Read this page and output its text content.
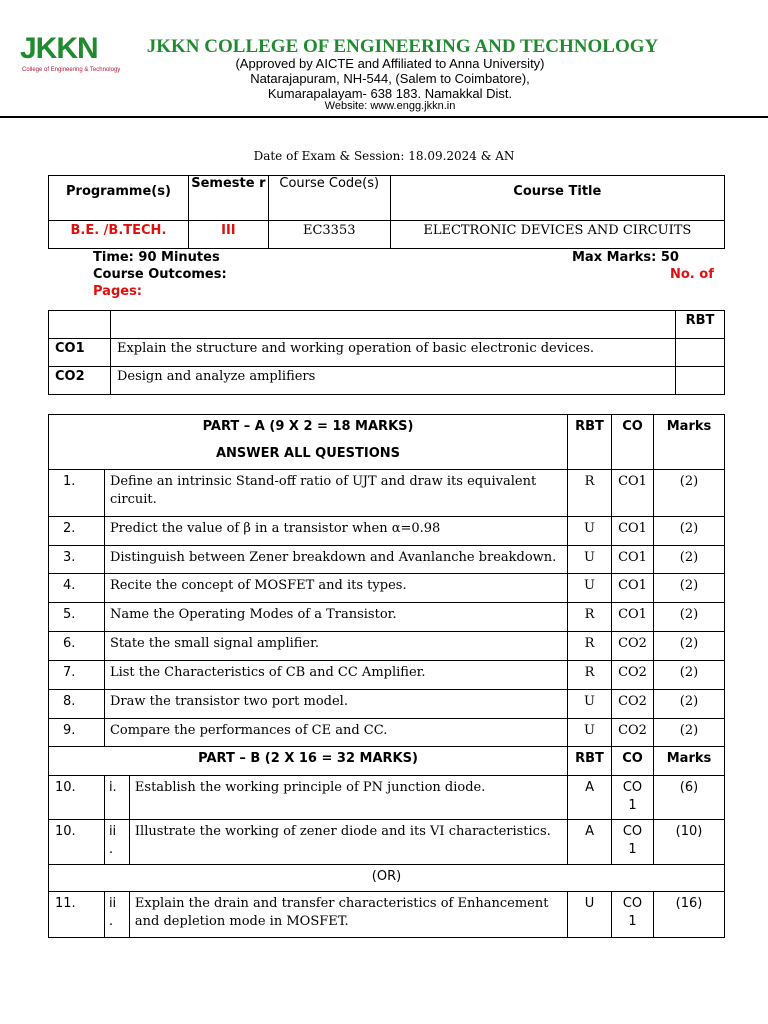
JKKN
College of Engineering & Technology
JKKN COLLEGE OF ENGINEERING AND TECHNOLOGY
(Approved by AICTE and Affiliated to Anna University)
Natarajapuram, NH-544, (Salem to Coimbatore),
Kumarapalayam- 638 183. Namakkal Dist.
Website: www.engg.jkkn.in
Date of Exam & Session: 18.09.2024 & AN
Programme(s)	Semeste r	Course Code(s)	Course Title
B.E. /B.TECH.	III	EC3353	ELECTRONIC DEVICES AND CIRCUITS
Time: 90 Minutes	Max Marks: 50
Course Outcomes:	No. of
Pages:
		RBT
CO1	Explain the structure and working operation of basic electronic devices.	
CO2	Design and analyze amplifiers	
PART – A (9 X 2 = 18 MARKS)
ANSWER ALL QUESTIONS			RBT	CO	Marks
1.	Define an intrinsic Stand-off ratio of UJT and draw its equivalent circuit.		R	CO1	(2)
2.	Predict the value of β in a transistor when α=0.98		U	CO1	(2)
3.	Distinguish between Zener breakdown and Avanlanche breakdown.		U	CO1	(2)
4.	Recite the concept of MOSFET and its types.		U	CO1	(2)
5.	Name the Operating Modes of a Transistor.		R	CO1	(2)
6.	State the small signal amplifier.		R	CO2	(2)
7.	List the Characteristics of CB and CC Amplifier.		R	CO2	(2)
8.	Draw the transistor two port model.		U	CO2	(2)
9.	Compare the performances of CE and CC.		U	CO2	(2)
PART – B (2 X 16 = 32 MARKS)			RBT	CO	Marks
10.	i.	Establish the working principle of PN junction diode.	A	CO 1	(6)
10.	ii .	Illustrate the working of zener diode and its VI characteristics.	A	CO 1	(10)
(OR)					
11.	ii .	Explain the drain and transfer characteristics of Enhancement and depletion mode in MOSFET.	U	CO 1	(16)
